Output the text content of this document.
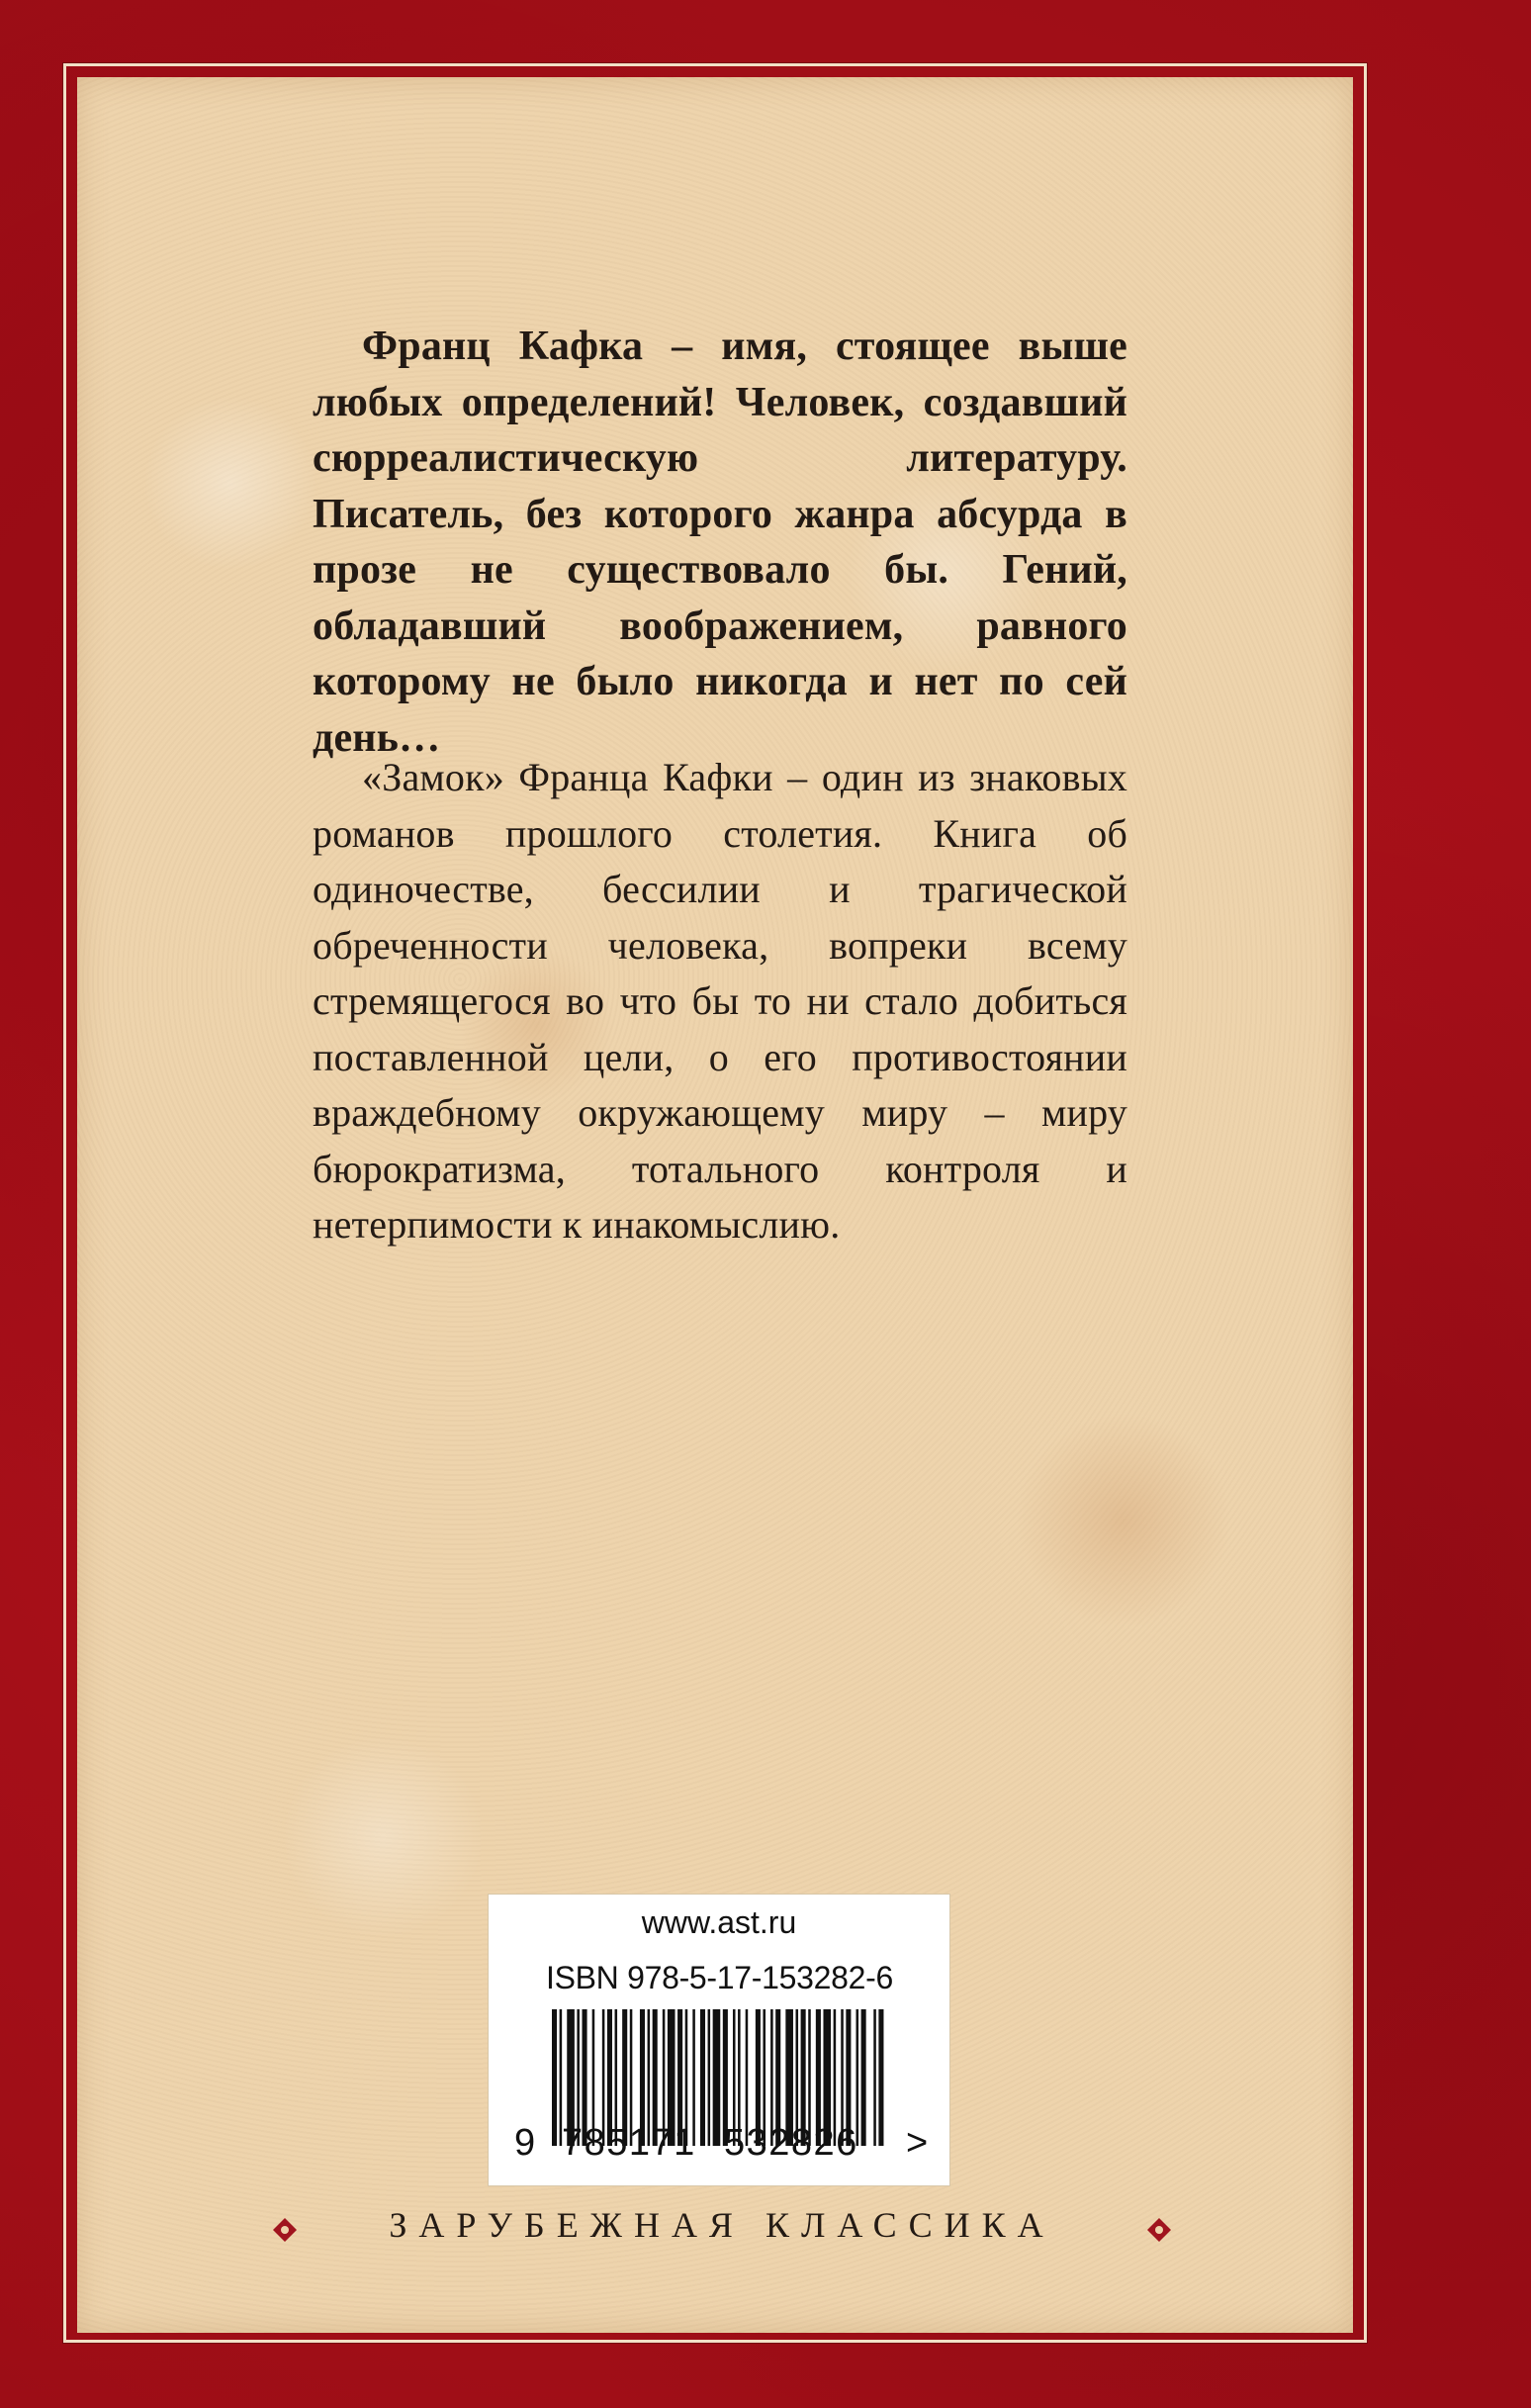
Франц Кафка – имя, стоящее выше любых определений! Человек, создавший сюрреалистическую литературу. Писатель, без которого жанра абсурда в прозе не существовало бы. Гений, обладавший воображением, равного которому не было никогда и нет по сей день…
«Замок» Франца Кафки – один из знаковых романов прошлого столетия. Книга об одиночестве, бессилии и трагической обреченности человека, вопреки всему стремящегося во что бы то ни стало добиться поставленной цели, о его противостоянии враждебному окружающему миру – миру бюрократизма, тотального контроля и нетерпимости к инакомыслию.
www.ast.ru
ISBN 978-5-17-153282-6
9 785171 532826 >
ЗАРУБЕЖНАЯ КЛАССИКА
